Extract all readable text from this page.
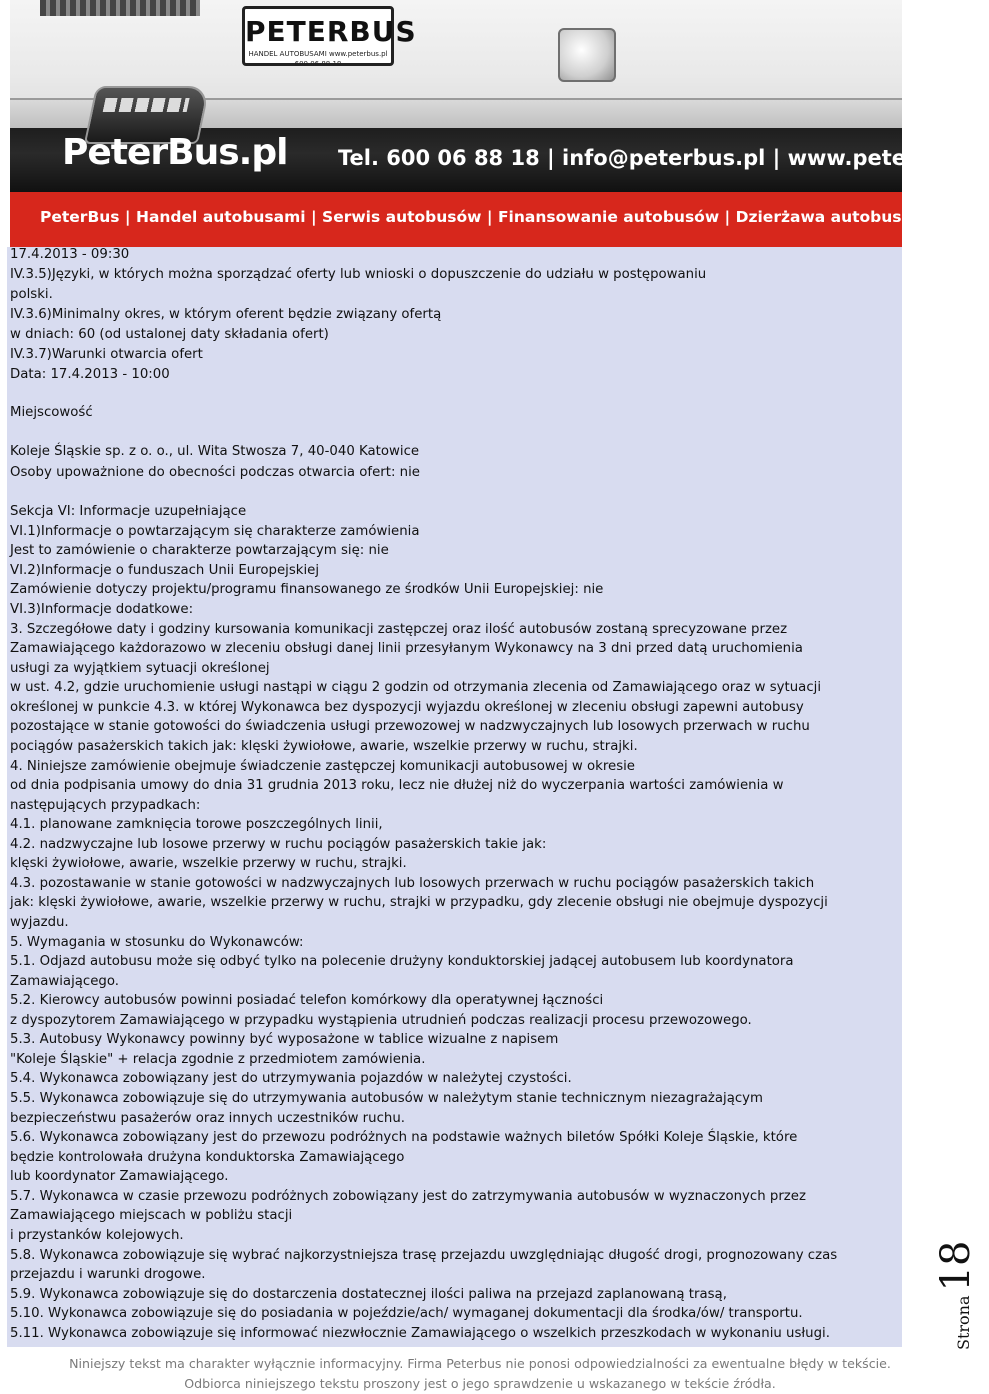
PETERBUS
HANDEL AUTOBUSAMI www.peterbus.pl 600 06 88 18
PeterBus.pl Tel. 600 06 88 18 | info@peterbus.pl | www.peterbus.pl
PeterBus | Handel autobusami | Serwis autobusów | Finansowanie autobusów | Dzierżawa autobusów
17.4.2013 - 09:30
IV.3.5)Języki, w których można sporządzać oferty lub wnioski o dopuszczenie do udziału w postępowaniu
polski.
IV.3.6)Minimalny okres, w którym oferent będzie związany ofertą
w dniach: 60 (od ustalonej daty składania ofert)
IV.3.7)Warunki otwarcia ofert
Data: 17.4.2013 - 10:00
Miejscowość
Koleje Śląskie sp. z o. o., ul. Wita Stwosza 7, 40-040 Katowice
Osoby upoważnione do obecności podczas otwarcia ofert: nie
Sekcja VI: Informacje uzupełniające
VI.1)Informacje o powtarzającym się charakterze zamówienia
Jest to zamówienie o charakterze powtarzającym się: nie
VI.2)Informacje o funduszach Unii Europejskiej
Zamówienie dotyczy projektu/programu finansowanego ze środków Unii Europejskiej: nie
VI.3)Informacje dodatkowe:
3. Szczegółowe daty i godziny kursowania komunikacji zastępczej oraz ilość autobusów zostaną sprecyzowane przez
Zamawiającego każdorazowo w zleceniu obsługi danej linii przesyłanym Wykonawcy na 3 dni przed datą uruchomienia
usługi za wyjątkiem sytuacji określonej
w ust. 4.2, gdzie uruchomienie usługi nastąpi w ciągu 2 godzin od otrzymania zlecenia od Zamawiającego oraz w sytuacji
określonej w punkcie 4.3. w której Wykonawca bez dyspozycji wyjazdu określonej w zleceniu obsługi zapewni autobusy
pozostające w stanie gotowości do świadczenia usługi przewozowej w nadzwyczajnych lub losowych przerwach w ruchu
pociągów pasażerskich takich jak: klęski żywiołowe, awarie, wszelkie przerwy w ruchu, strajki.
4. Niniejsze zamówienie obejmuje świadczenie zastępczej komunikacji autobusowej w okresie
od dnia podpisania umowy do dnia 31 grudnia 2013 roku, lecz nie dłużej niż do wyczerpania wartości zamówienia w
następujących przypadkach:
4.1. planowane zamknięcia torowe poszczególnych linii,
4.2. nadzwyczajne lub losowe przerwy w ruchu pociągów pasażerskich takie jak:
klęski żywiołowe, awarie, wszelkie przerwy w ruchu, strajki.
4.3. pozostawanie w stanie gotowości w nadzwyczajnych lub losowych przerwach w ruchu pociągów pasażerskich takich
jak: klęski żywiołowe, awarie, wszelkie przerwy w ruchu, strajki w przypadku, gdy zlecenie obsługi nie obejmuje dyspozycji
wyjazdu.
5. Wymagania w stosunku do Wykonawców:
5.1. Odjazd autobusu może się odbyć tylko na polecenie drużyny konduktorskiej jadącej autobusem lub koordynatora
Zamawiającego.
5.2. Kierowcy autobusów powinni posiadać telefon komórkowy dla operatywnej łączności
z dyspozytorem Zamawiającego w przypadku wystąpienia utrudnień podczas realizacji procesu przewozowego.
5.3. Autobusy Wykonawcy powinny być wyposażone w tablice wizualne z napisem
"Koleje Śląskie" + relacja zgodnie z przedmiotem zamówienia.
5.4. Wykonawca zobowiązany jest do utrzymywania pojazdów w należytej czystości.
5.5. Wykonawca zobowiązuje się do utrzymywania autobusów w należytym stanie technicznym niezagrażającym
bezpieczeństwu pasażerów oraz innych uczestników ruchu.
5.6. Wykonawca zobowiązany jest do przewozu podróżnych na podstawie ważnych biletów Spółki Koleje Śląskie, które
będzie kontrolowała drużyna konduktorska Zamawiającego
lub koordynator Zamawiającego.
5.7. Wykonawca w czasie przewozu podróżnych zobowiązany jest do zatrzymywania autobusów w wyznaczonych przez
Zamawiającego miejscach w pobliżu stacji
i przystanków kolejowych.
5.8. Wykonawca zobowiązuje się wybrać najkorzystniejsza trasę przejazdu uwzględniając długość drogi, prognozowany czas
przejazdu i warunki drogowe.
5.9. Wykonawca zobowiązuje się do dostarczenia dostatecznej ilości paliwa na przejazd zaplanowaną trasą,
5.10. Wykonawca zobowiązuje się do posiadania w pojeździe/ach/ wymaganej dokumentacji dla środka/ów/ transportu.
5.11. Wykonawca zobowiązuje się informować niezwłocznie Zamawiającego o wszelkich przeszkodach w wykonaniu usługi.	Strona18
Niniejszy tekst ma charakter wyłącznie informacyjny. Firma Peterbus nie ponosi odpowiedzialności za ewentualne błędy w tekście.
Odbiorca niniejszego tekstu proszony jest o jego sprawdzenie u wskazanego w tekście źródła.
